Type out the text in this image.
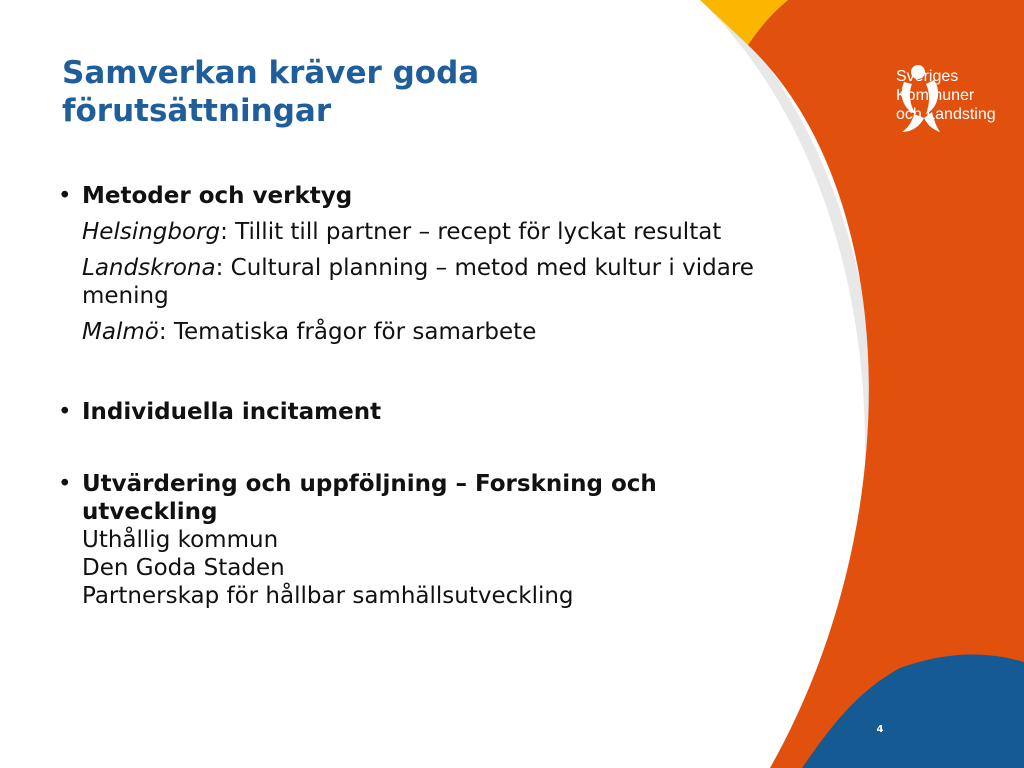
Samverkan kräver goda förutsättningar
Sveriges
Kommuner
och Landsting
• Metoder och verktyg
Helsingborg: Tillit till partner – recept för lyckat resultat
Landskrona: Cultural planning – metod med kultur i vidare mening
Malmö: Tematiska frågor för samarbete
• Individuella incitament
• Utvärdering och uppföljning – Forskning och utveckling
Uthållig kommun
Den Goda Staden
Partnerskap för hållbar samhällsutveckling
4
